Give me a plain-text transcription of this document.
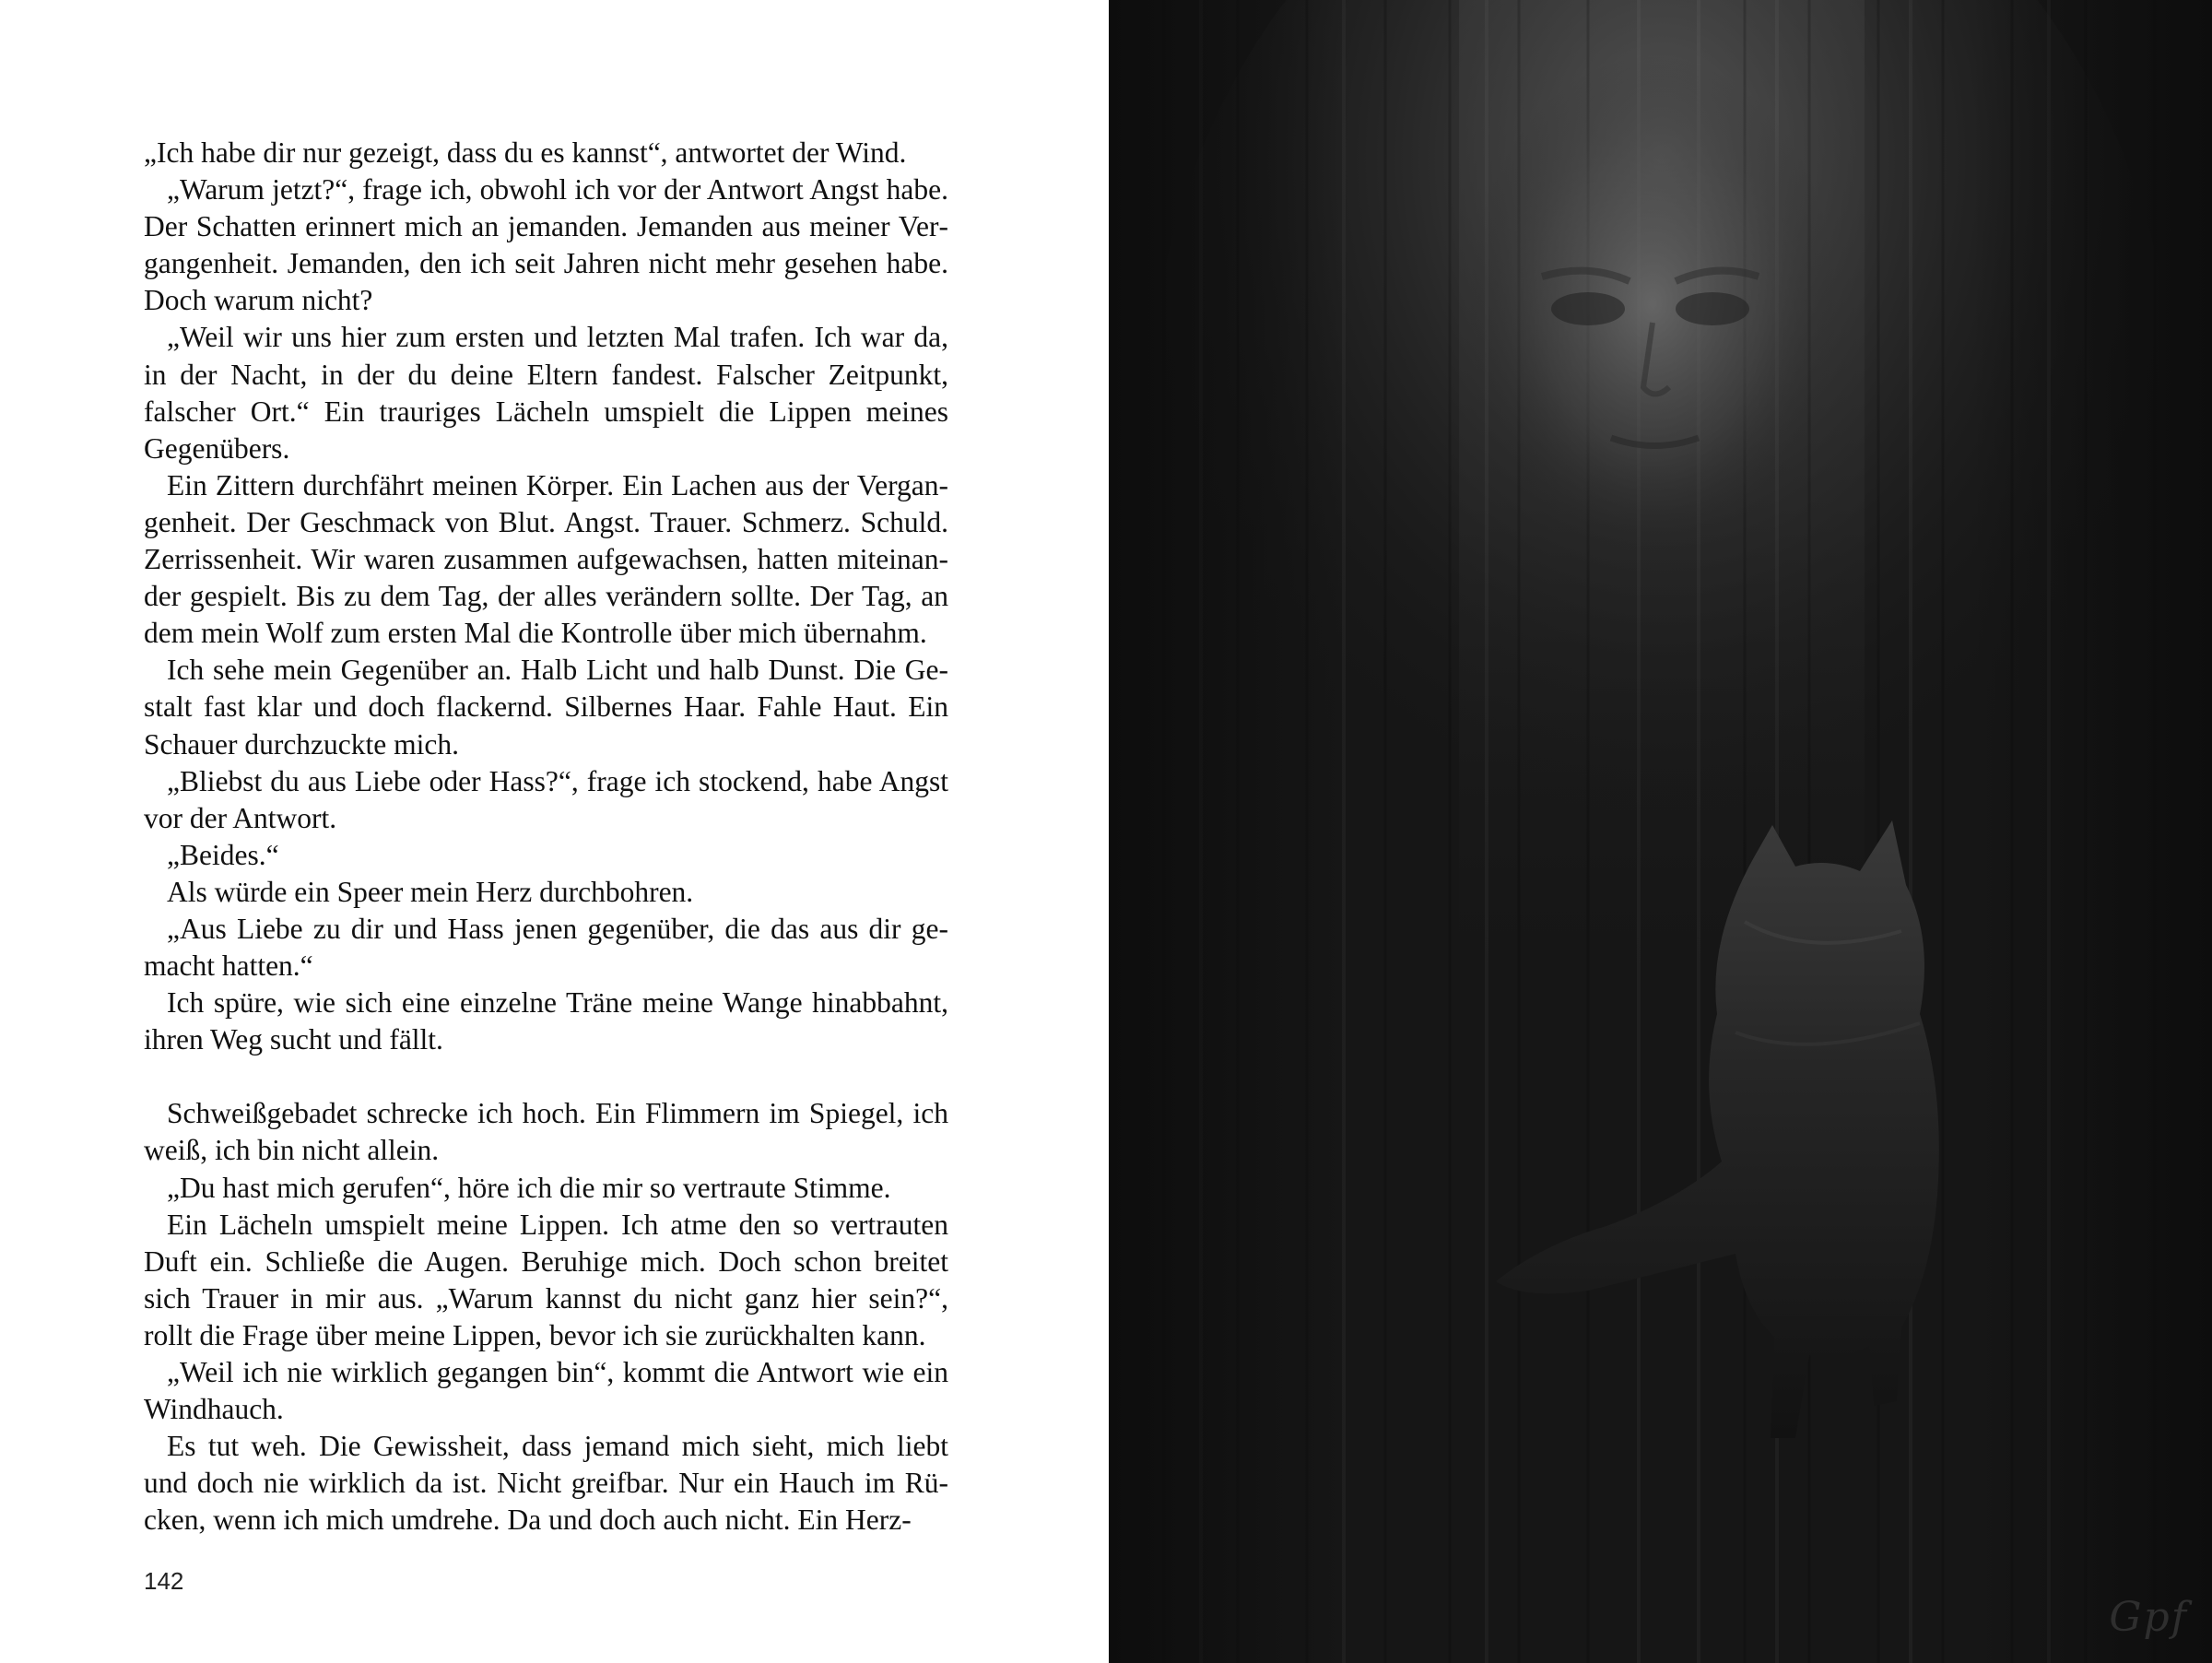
„Ich habe dir nur gezeigt, dass du es kannst“, antwortet der Wind.

„Warum jetzt?“, frage ich, obwohl ich vor der Antwort Angst habe. Der Schatten erinnert mich an jemanden. Jemanden aus meiner Vergangenheit. Jemanden, den ich seit Jahren nicht mehr gesehen habe. Doch warum nicht?

„Weil wir uns hier zum ersten und letzten Mal trafen. Ich war da, in der Nacht, in der du deine Eltern fandest. Falscher Zeitpunkt, falscher Ort.“ Ein trauriges Lächeln umspielt die Lippen meines Gegenübers.

Ein Zittern durchfährt meinen Körper. Ein Lachen aus der Vergangenheit. Der Geschmack von Blut. Angst. Trauer. Schmerz. Schuld. Zerrissenheit. Wir waren zusammen aufgewachsen, hatten miteinander gespielt. Bis zu dem Tag, der alles verändern sollte. Der Tag, an dem mein Wolf zum ersten Mal die Kontrolle über mich übernahm.

Ich sehe mein Gegenüber an. Halb Licht und halb Dunst. Die Gestalt fast klar und doch flackernd. Silbernes Haar. Fahle Haut. Ein Schauer durchzuckte mich.

„Bliebst du aus Liebe oder Hass?“, frage ich stockend, habe Angst vor der Antwort.

„Beides.“

Als würde ein Speer mein Herz durchbohren.

„Aus Liebe zu dir und Hass jenen gegenüber, die das aus dir gemacht hatten.“

Ich spüre, wie sich eine einzelne Träne meine Wange hinabbahnt, ihren Weg sucht und fällt.

Schweißgebadet schrecke ich hoch. Ein Flimmern im Spiegel, ich weiß, ich bin nicht allein.

„Du hast mich gerufen“, höre ich die mir so vertraute Stimme.

Ein Lächeln umspielt meine Lippen. Ich atme den so vertrauten Duft ein. Schließe die Augen. Beruhige mich. Doch schon breitet sich Trauer in mir aus. „Warum kannst du nicht ganz hier sein?“, rollt die Frage über meine Lippen, bevor ich sie zurückhalten kann.

„Weil ich nie wirklich gegangen bin“, kommt die Antwort wie ein Windhauch.

Es tut weh. Die Gewissheit, dass jemand mich sieht, mich liebt und doch nie wirklich da ist. Nicht greifbar. Nur ein Hauch im Rücken, wenn ich mich umdrehe. Da und doch auch nicht. Ein Herz-

142
Gpf
